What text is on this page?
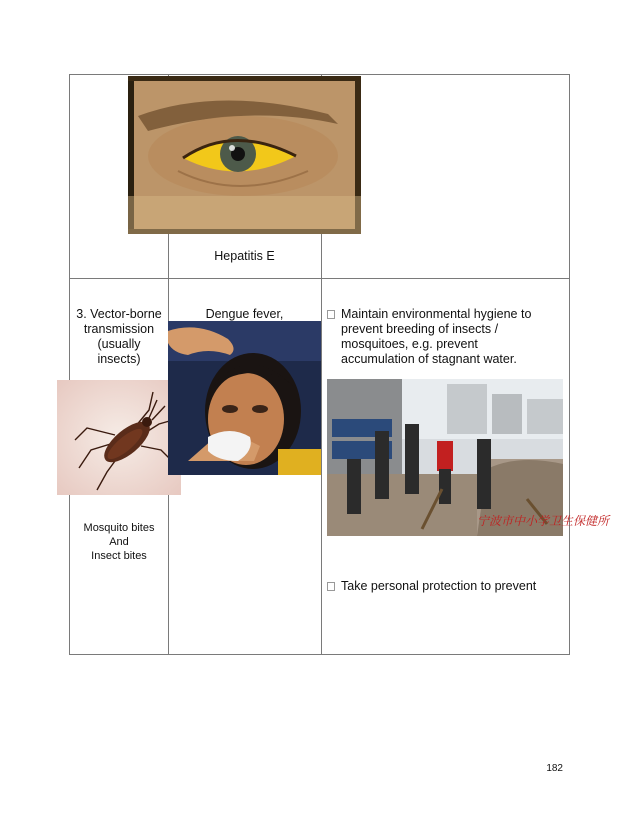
Hepatitis E
3. Vector-borne
transmission
(usually
insects)
Mosquito bites
And
Insect bites
Dengue fever,	Maintain environmental hygiene to
prevent breeding of insects /
mosquitoes, e.g. prevent
accumulation of stagnant water.
宁波市中小学卫生保健所
Take personal protection to prevent
182
